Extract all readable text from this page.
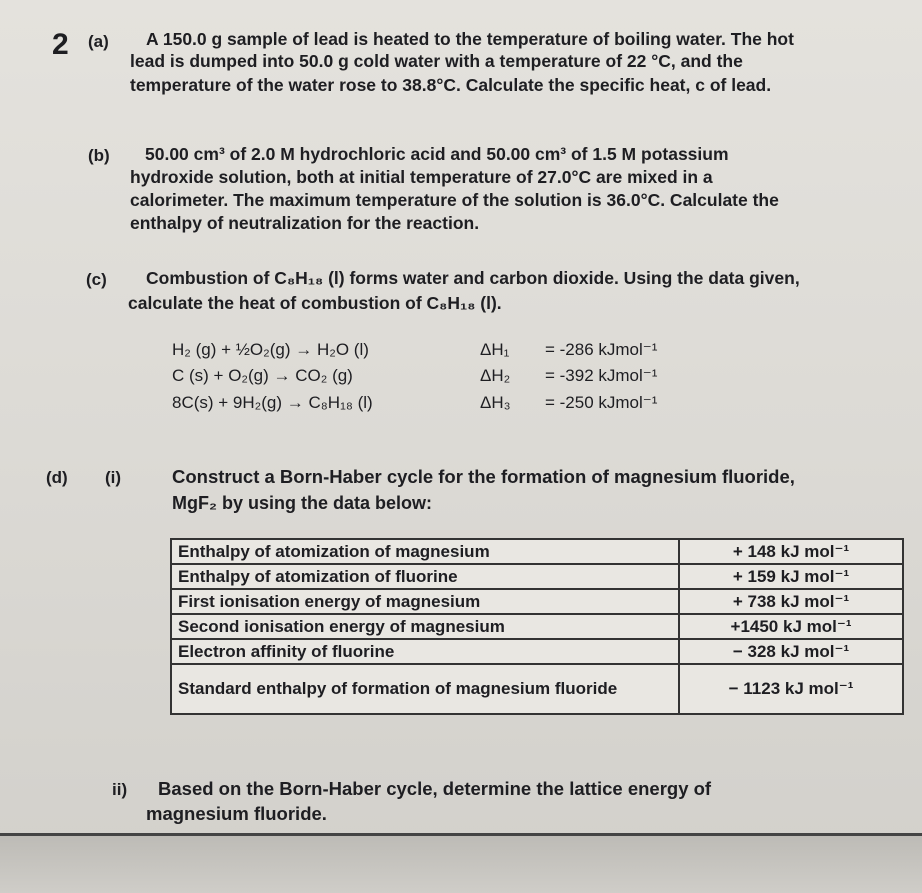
2 (a) A 150.0 g sample of lead is heated to the temperature of boiling water. The hot
lead is dumped into 50.0 g cold water with a temperature of 22 °C, and the
temperature of the water rose to 38.8°C. Calculate the specific heat, c of lead.
(b) 50.00 cm³ of 2.0 M hydrochloric acid and 50.00 cm³ of 1.5 M potassium
hydroxide solution, both at initial temperature of 27.0°C are mixed in a
calorimeter. The maximum temperature of the solution is 36.0°C. Calculate the
enthalpy of neutralization for the reaction.
(c) Combustion of C₈H₁₈ (l) forms water and carbon dioxide. Using the data given,
calculate the heat of combustion of C₈H₁₈ (l).
H₂ (g) + ½O₂(g) → H₂O (l)	ΔH₁ = -286 kJmol⁻¹
C (s) + O₂(g) → CO₂ (g)	ΔH₂ = -392 kJmol⁻¹
8C(s) + 9H₂(g) → C₈H₁₈ (l)	ΔH₃ = -250 kJmol⁻¹
(d) (i)	Construct a Born-Haber cycle for the formation of magnesium fluoride,
MgF₂ by using the data below:
Enthalpy of atomization of magnesium	+ 148 kJ mol⁻¹
Enthalpy of atomization of fluorine	+ 159 kJ mol⁻¹
First ionisation energy of magnesium	+ 738 kJ mol⁻¹
Second ionisation energy of magnesium	+1450 kJ mol⁻¹
Electron affinity of fluorine	− 328 kJ mol⁻¹
Standard enthalpy of formation of magnesium fluoride	− 1123 kJ mol⁻¹
ii) Based on the Born-Haber cycle, determine the lattice energy of
magnesium fluoride.
